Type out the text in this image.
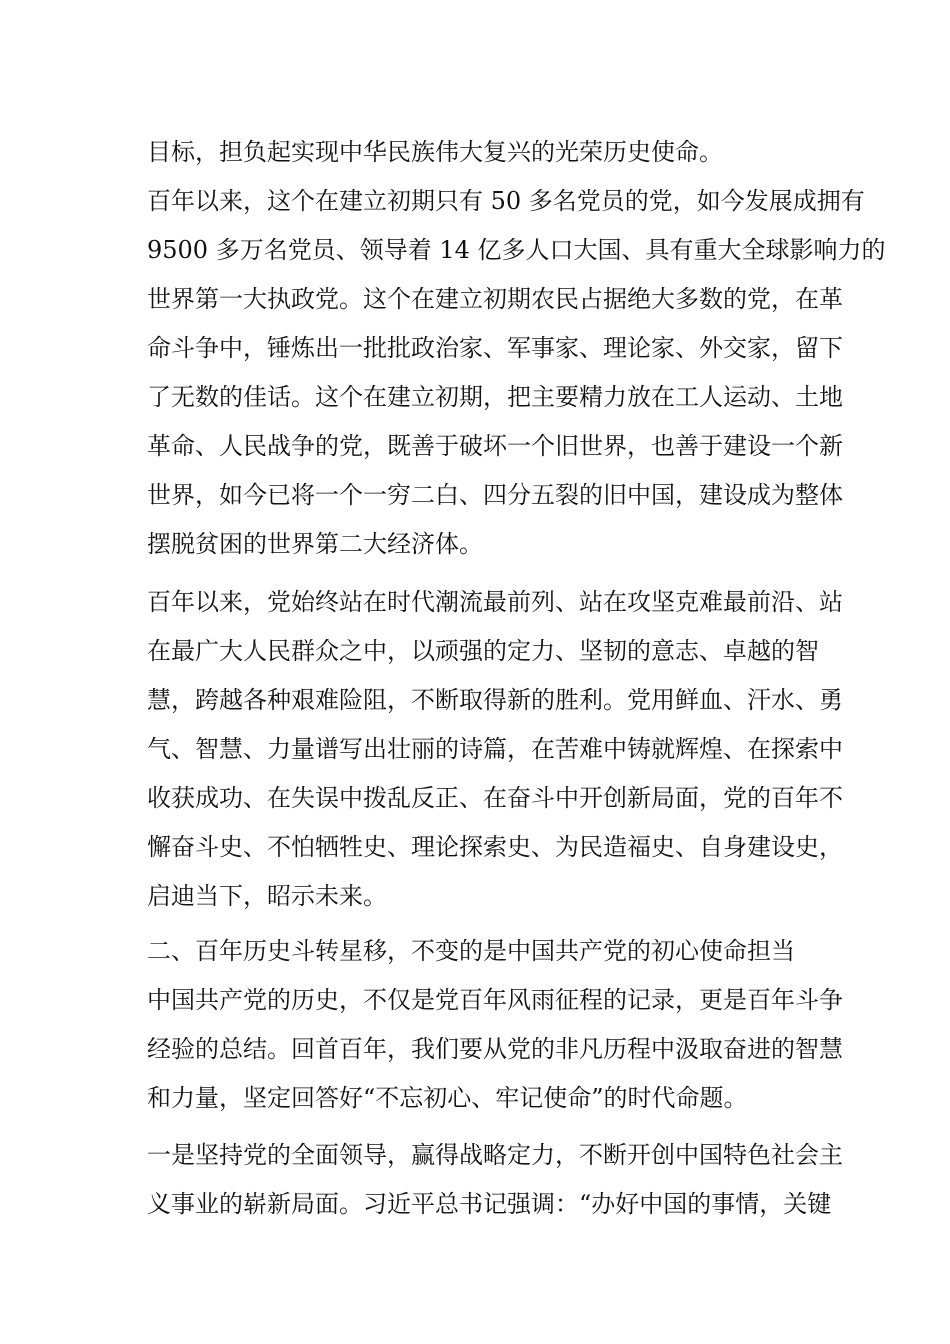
目标，担负起实现中华民族伟大复兴的光荣历史使命。
百年以来，这个在建立初期只有 50 多名党员的党，如今发展成拥有
9500 多万名党员、领导着 14 亿多人口大国、具有重大全球影响力的
世界第一大执政党。这个在建立初期农民占据绝大多数的党，在革
命斗争中，锤炼出一批批政治家、军事家、理论家、外交家，留下
了无数的佳话。这个在建立初期，把主要精力放在工人运动、土地
革命、人民战争的党，既善于破坏一个旧世界，也善于建设一个新
世界，如今已将一个一穷二白、四分五裂的旧中国，建设成为整体
摆脱贫困的世界第二大经济体。
百年以来，党始终站在时代潮流最前列、站在攻坚克难最前沿、站
在最广大人民群众之中，以顽强的定力、坚韧的意志、卓越的智
慧，跨越各种艰难险阻，不断取得新的胜利。党用鲜血、汗水、勇
气、智慧、力量谱写出壮丽的诗篇，在苦难中铸就辉煌、在探索中
收获成功、在失误中拨乱反正、在奋斗中开创新局面，党的百年不
懈奋斗史、不怕牺牲史、理论探索史、为民造福史、自身建设史，
启迪当下，昭示未来。
二、百年历史斗转星移，不变的是中国共产党的初心使命担当
中国共产党的历史，不仅是党百年风雨征程的记录，更是百年斗争
经验的总结。回首百年，我们要从党的非凡历程中汲取奋进的智慧
和力量，坚定回答好“不忘初心、牢记使命”的时代命题。
一是坚持党的全面领导，赢得战略定力，不断开创中国特色社会主
义事业的崭新局面。习近平总书记强调：“办好中国的事情，关键
